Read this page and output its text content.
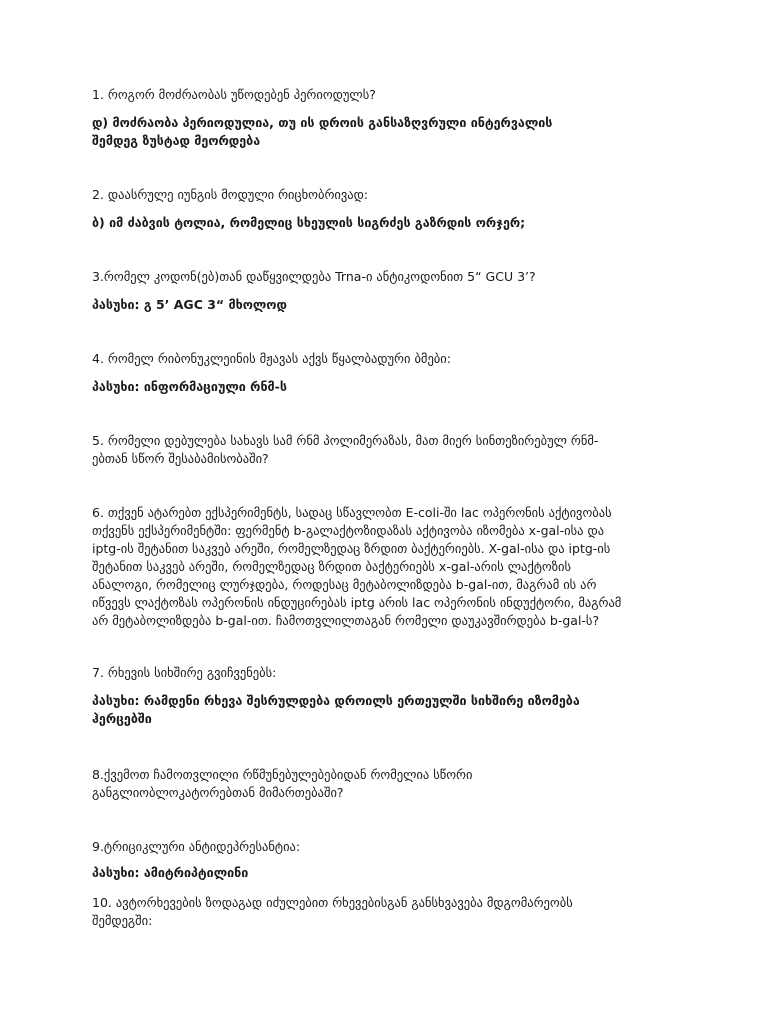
1. როგორ მოძრაობას უწოდებენ პერიოდულს?
დ) მოძრაობა პერიოდულია, თუ ის დროის განსაზღვრული ინტერვალის
შემდეგ ზუსტად მეორდება
2. დაასრულე იუნგის მოდული რიცხობრივად:
ბ) იმ ძაბვის ტოლია, რომელიც სხეულის სიგრძეს გაზრდის ორჯერ;
3.რომელ კოდონ(ებ)თან დაწყვილდება Trna-ი ანტიკოდონით 5“ GCU 3’?
პასუხი: გ 5’ AGC 3“ მხოლოდ
4. რომელ რიბონუკლეინის მჟავას აქვს წყალბადური ბმები:
პასუხი: ინფორმაციული რნმ-ს
5. რომელი დებულება სახავს სამ რნმ პოლიმერაზას, მათ მიერ სინთეზირებულ რნმ-
ებთან სწორ შესაბამისობაში?
6. თქვენ ატარებთ ექსპერიმენტს, სადაც სწავლობთ E-coli-ში lac ოპერონის აქტივობას
თქვენს ექსპერიმენტში: ფერმენტ b-გალაქტოზიდაზას აქტივობა იზომება x-gal-ისა და
iptg-ის შეტანით საკვებ არეში, რომელზედაც ზრდით ბაქტერიებს. X-gal-ისა და iptg-ის
შეტანით საკვებ არეში, რომელზედაც ზრდით ბაქტერიებს x-gal-არის ლაქტოზის
ანალოგი, რომელიც ლურჯდება, როდესაც მეტაბოლიზდება b-gal-ით, მაგრამ ის არ
იწვევს ლაქტოზას ოპერონის ინდუცირებას iptg არის lac ოპერონის ინდუქტორი, მაგრამ
არ მეტაბოლიზდება b-gal-ით. ჩამოთვლილთაგან რომელი დაუკავშირდება b-gal-ს?
7. რხევის სიხშირე გვიჩვენებს:
პასუხი: რამდენი რხევა შესრულდება დროილს ერთეულში სიხშირე იზომება
ჰერცებში
8.ქვემოთ ჩამოთვლილი რწმუნებულებებიდან რომელია სწორი
განგლიობლოკატორებთან მიმართებაში?
9.ტრიციკლური ანტიდეპრესანტია:
პასუხი: ამიტრიპტილინი
10. ავტორხევების ზოდაგად იძულებით რხევებისგან განსხვავება მდგომარეობს
შემდეგში:
